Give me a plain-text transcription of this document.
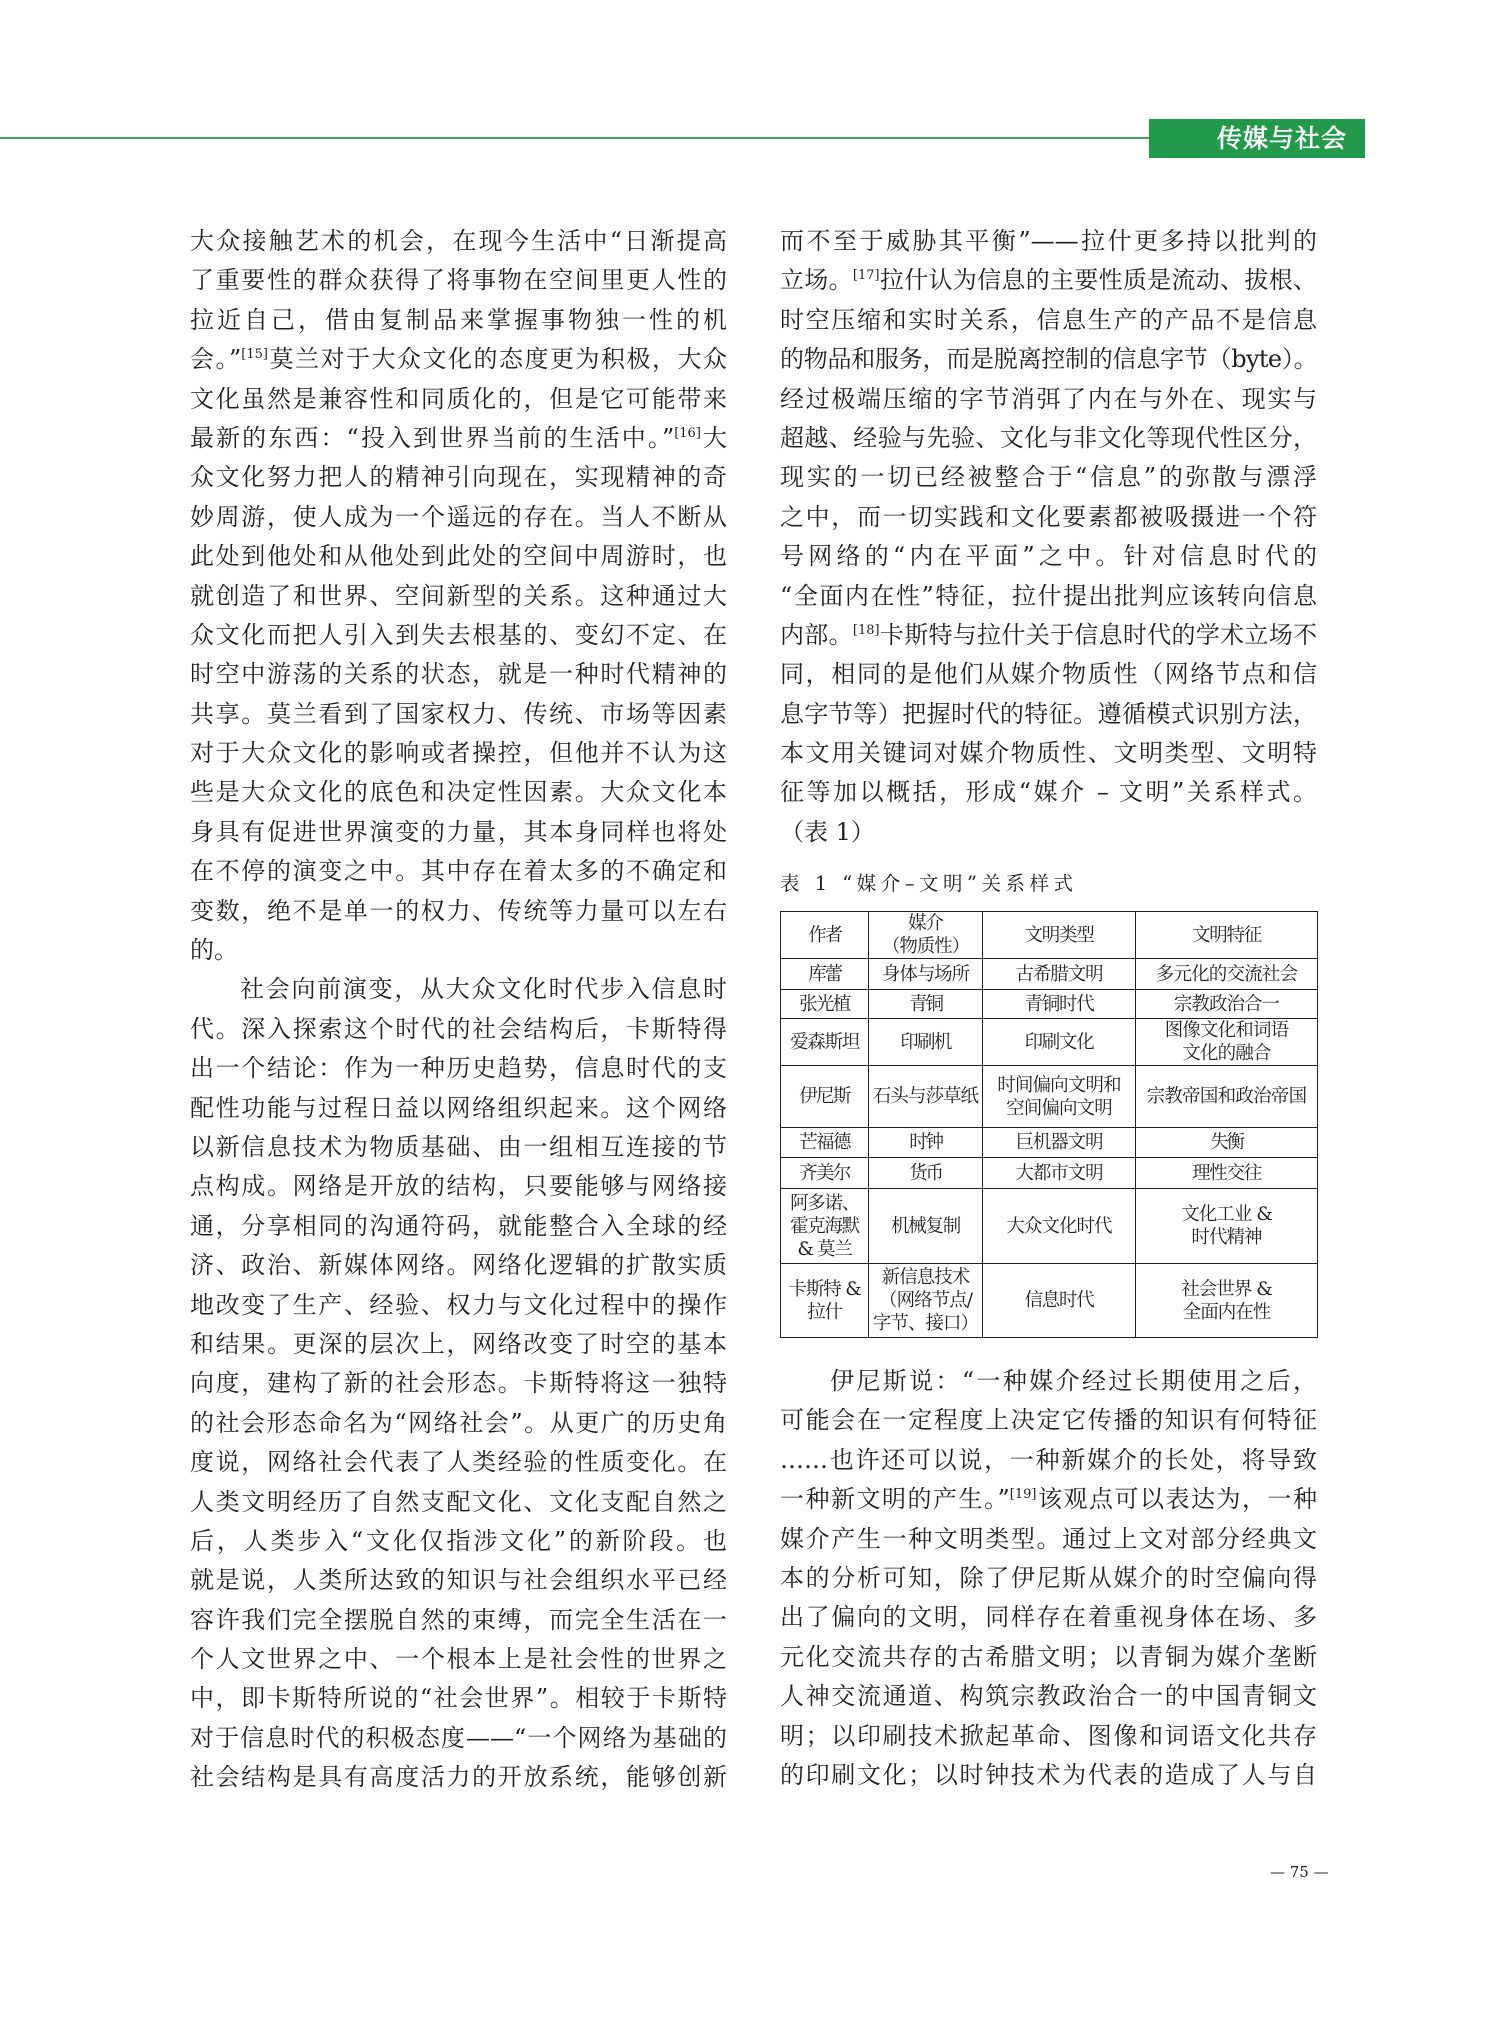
传媒与社会
大众接触艺术的机会，在现今生活中“日渐提高
了重要性的群众获得了将事物在空间里更人性的
拉近自己，借由复制品来掌握事物独一性的机
会。”[15]莫兰对于大众文化的态度更为积极，大众
文化虽然是兼容性和同质化的，但是它可能带来
最新的东西：“投入到世界当前的生活中。”[16]大
众文化努力把人的精神引向现在，实现精神的奇
妙周游，使人成为一个遥远的存在。当人不断从
此处到他处和从他处到此处的空间中周游时，也
就创造了和世界、空间新型的关系。这种通过大
众文化而把人引入到失去根基的、变幻不定、在
时空中游荡的关系的状态，就是一种时代精神的
共享。莫兰看到了国家权力、传统、市场等因素
对于大众文化的影响或者操控，但他并不认为这
些是大众文化的底色和决定性因素。大众文化本
身具有促进世界演变的力量，其本身同样也将处
在不停的演变之中。其中存在着太多的不确定和
变数，绝不是单一的权力、传统等力量可以左右
的。
社会向前演变，从大众文化时代步入信息时
代。深入探索这个时代的社会结构后，卡斯特得
出一个结论：作为一种历史趋势，信息时代的支
配性功能与过程日益以网络组织起来。这个网络
以新信息技术为物质基础、由一组相互连接的节
点构成。网络是开放的结构，只要能够与网络接
通，分享相同的沟通符码，就能整合入全球的经
济、政治、新媒体网络。网络化逻辑的扩散实质
地改变了生产、经验、权力与文化过程中的操作
和结果。更深的层次上，网络改变了时空的基本
向度，建构了新的社会形态。卡斯特将这一独特
的社会形态命名为“网络社会”。从更广的历史角
度说，网络社会代表了人类经验的性质变化。在
人类文明经历了自然支配文化、文化支配自然之
后，人类步入“文化仅指涉文化”的新阶段。也
就是说，人类所达致的知识与社会组织水平已经
容许我们完全摆脱自然的束缚，而完全生活在一
个人文世界之中、一个根本上是社会性的世界之
中，即卡斯特所说的“社会世界”。相较于卡斯特
对于信息时代的积极态度——“一个网络为基础的
社会结构是具有高度活力的开放系统，能够创新
而不至于威胁其平衡”——拉什更多持以批判的
立场。[17]拉什认为信息的主要性质是流动、拔根、
时空压缩和实时关系，信息生产的产品不是信息
的物品和服务，而是脱离控制的信息字节（byte）。
经过极端压缩的字节消弭了内在与外在、现实与
超越、经验与先验、文化与非文化等现代性区分，
现实的一切已经被整合于“信息”的弥散与漂浮
之中，而一切实践和文化要素都被吸摄进一个符
号网络的“内在平面”之中。针对信息时代的
“全面内在性”特征，拉什提出批判应该转向信息
内部。[18]卡斯特与拉什关于信息时代的学术立场不
同，相同的是他们从媒介物质性（网络节点和信
息字节等）把握时代的特征。遵循模式识别方法，
本文用关键词对媒介物质性、文明类型、文明特
征等加以概括，形成“媒介 – 文明”关系样式。
（表 1）
表 1 “媒介–文明”关系样式
作者	媒介
（物质性）	文明类型	文明特征

库蕾	身体与场所	古希腊文明	多元化的交流社会

张光植	青铜	青铜时代	宗教政治合一

爱森斯坦	印刷机	印刷文化	图像文化和词语
文化的融合

伊尼斯	石头与莎草纸	时间偏向文明和
空间偏向文明	宗教帝国和政治帝国

芒福德	时钟	巨机器文明	失衡

齐美尔	货币	大都市文明	理性交往

阿多诺、
霍克海默
& 莫兰	机械复制	大众文化时代	文化工业 &
时代精神

卡斯特 &
拉什	新信息技术
（网络节点/
字节、接口）	信息时代	社会世界 &
全面内在性
伊尼斯说：“一种媒介经过长期使用之后，
可能会在一定程度上决定它传播的知识有何特征
……也许还可以说，一种新媒介的长处，将导致
一种新文明的产生。”[19]该观点可以表达为，一种
媒介产生一种文明类型。通过上文对部分经典文
本的分析可知，除了伊尼斯从媒介的时空偏向得
出了偏向的文明，同样存在着重视身体在场、多
元化交流共存的古希腊文明；以青铜为媒介垄断
人神交流通道、构筑宗教政治合一的中国青铜文
明；以印刷技术掀起革命、图像和词语文化共存
的印刷文化；以时钟技术为代表的造成了人与自
— 75 —
